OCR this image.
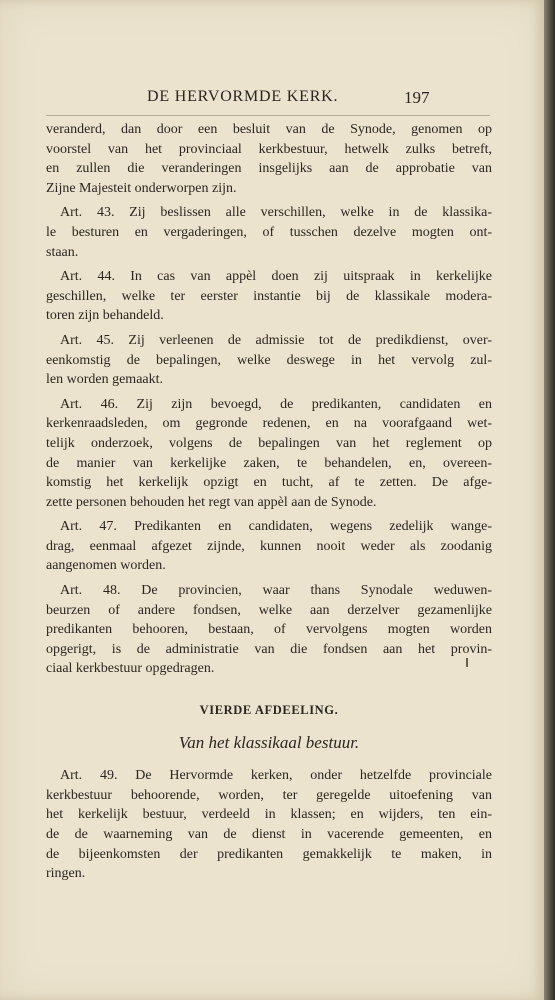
DE HERVORMDE KERK.	197

veranderd, dan door een besluit van de Synode, genomen op
voorstel van het provinciaal kerkbestuur, hetwelk zulks betreft,
en zullen die veranderingen insgelijks aan de approbatie van
Zijne Majesteit onderworpen zijn.

Art. 43. Zij beslissen alle verschillen, welke in de klassika-
le besturen en vergaderingen, of tusschen dezelve mogten ont-
staan.

Art. 44. In cas van appèl doen zij uitspraak in kerkelijke
geschillen, welke ter eerster instantie bij de klassikale modera-
toren zijn behandeld.

Art. 45. Zij verleenen de admissie tot de predikdienst, over-
eenkomstig de bepalingen, welke deswege in het vervolg zul-
len worden gemaakt.

Art. 46. Zij zijn bevoegd, de predikanten, candidaten en
kerkenraadsleden, om gegronde redenen, en na voorafgaand wet-
telijk onderzoek, volgens de bepalingen van het reglement op
de manier van kerkelijke zaken, te behandelen, en, overeen-
komstig het kerkelijk opzigt en tucht, af te zetten. De afge-
zette personen behouden het regt van appèl aan de Synode.

Art. 47. Predikanten en candidaten, wegens zedelijk wange-
drag, eenmaal afgezet zijnde, kunnen nooit weder als zoodanig
aangenomen worden.

Art. 48. De provincien, waar thans Synodale weduwen-
beurzen of andere fondsen, welke aan derzelver gezamenlijke
predikanten behooren, bestaan, of vervolgens mogten worden
opgerigt, is de administratie van die fondsen aan het provin-
ciaal kerkbestuur opgedragen.

VIERDE AFDEELING.
Van het klassikaal bestuur.

Art. 49. De Hervormde kerken, onder hetzelfde provinciale
kerkbestuur behoorende, worden, ter geregelde uitoefening van
het kerkelijk bestuur, verdeeld in klassen; en wijders, ten ein-
de de waarneming van de dienst in vacerende gemeenten, en
de bijeenkomsten der predikanten gemakkelijk te maken, in
ringen.
